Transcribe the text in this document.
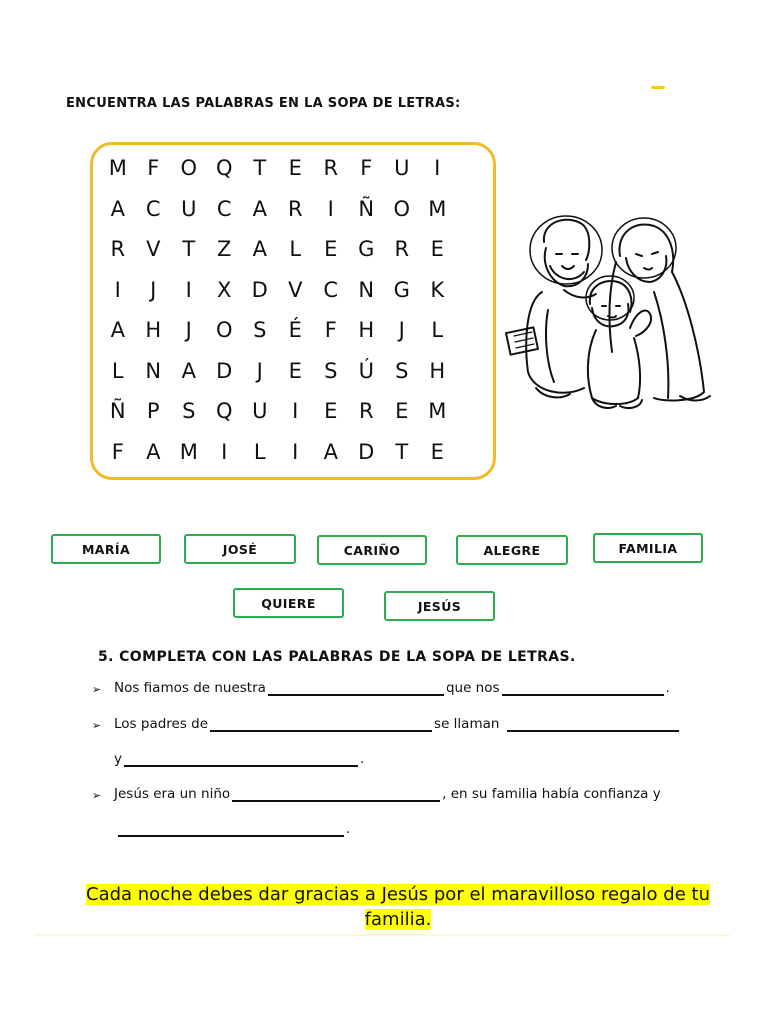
ENCUENTRA LAS PALABRAS EN LA SOPA DE LETRAS:
M F	O Q T	E	R	F	U	I
A C U C A	R	I	Ñ O M
R	V	T	Z	A	L	E G R	E
I	J	I	X D V C N G K
A H	J	O S	É	F	H	J	L
L	N A D	J	E	S	Ú	S H
Ñ	P	S Q U	I	E	R	E M
F	A M	I	L	I	A D	T	E
MARÍA	JOSÉ	CARIÑO	ALEGRE	FAMILIA
QUIERE	JESÚS
5. COMPLETA CON LAS PALABRAS DE LA SOPA DE LETRAS.
➢ Nos fiamos de nuestra	que nos	.
➢ Los padres de	se llaman
y	.
➢ Jesús era un niño	, en su familia había confianza y
.
Cada noche debes dar gracias a Jesús por el maravilloso regalo de tu
familia.
